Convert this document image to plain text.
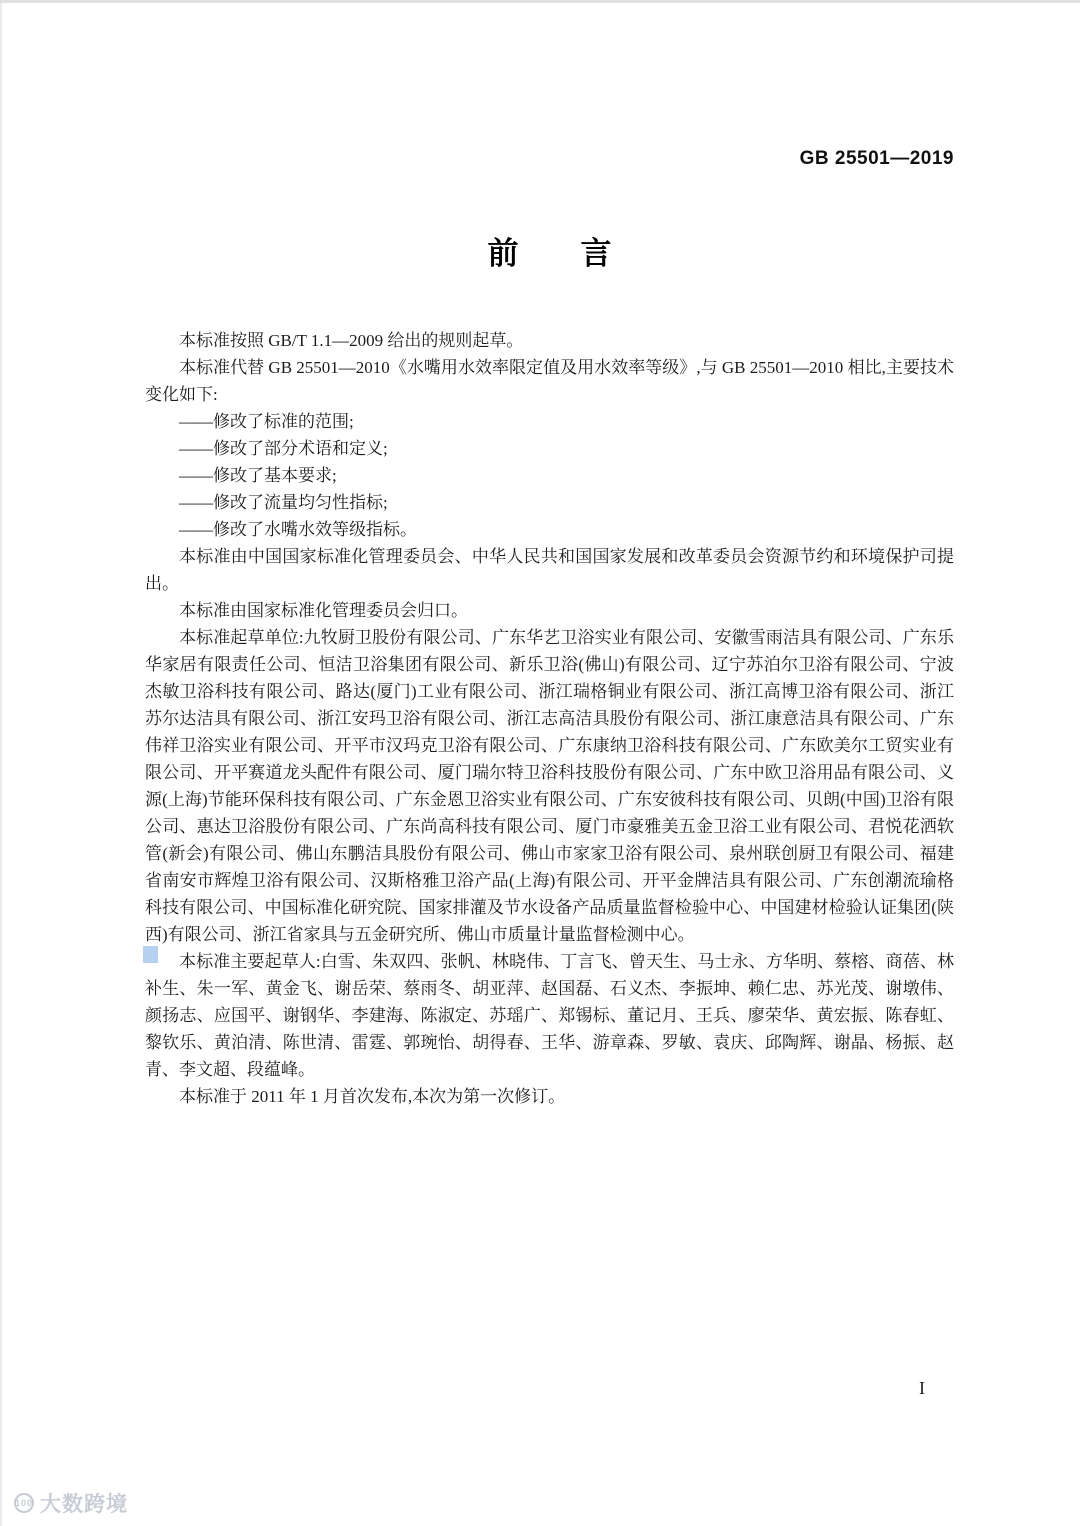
GB 25501—2019
前言

本标准按照 GB/T 1.1—2009 给出的规则起草。

本标准代替 GB 25501—2010《水嘴用水效率限定值及用水效率等级》,与 GB 25501—2010 相比,主要技术变化如下:

——修改了标准的范围;

——修改了部分术语和定义;

——修改了基本要求;

——修改了流量均匀性指标;

——修改了水嘴水效等级指标。

本标准由中国国家标准化管理委员会、中华人民共和国国家发展和改革委员会资源节约和环境保护司提出。

本标准由国家标准化管理委员会归口。

本标准起草单位:九牧厨卫股份有限公司、广东华艺卫浴实业有限公司、安徽雪雨洁具有限公司、广东乐华家居有限责任公司、恒洁卫浴集团有限公司、新乐卫浴(佛山)有限公司、辽宁苏泊尔卫浴有限公司、宁波杰敏卫浴科技有限公司、路达(厦门)工业有限公司、浙江瑞格铜业有限公司、浙江高博卫浴有限公司、浙江苏尔达洁具有限公司、浙江安玛卫浴有限公司、浙江志高洁具股份有限公司、浙江康意洁具有限公司、广东伟祥卫浴实业有限公司、开平市汉玛克卫浴有限公司、广东康纳卫浴科技有限公司、广东欧美尔工贸实业有限公司、开平赛道龙头配件有限公司、厦门瑞尔特卫浴科技股份有限公司、广东中欧卫浴用品有限公司、义源(上海)节能环保科技有限公司、广东金恩卫浴实业有限公司、广东安彼科技有限公司、贝朗(中国)卫浴有限公司、惠达卫浴股份有限公司、广东尚高科技有限公司、厦门市豪雅美五金卫浴工业有限公司、君悦花洒软管(新会)有限公司、佛山东鹏洁具股份有限公司、佛山市家家卫浴有限公司、泉州联创厨卫有限公司、福建省南安市辉煌卫浴有限公司、汉斯格雅卫浴产品(上海)有限公司、开平金牌洁具有限公司、广东创潮流瑜格科技有限公司、中国标准化研究院、国家排灌及节水设备产品质量监督检验中心、中国建材检验认证集团(陕西)有限公司、浙江省家具与五金研究所、佛山市质量计量监督检测中心。

本标准主要起草人:白雪、朱双四、张帆、林晓伟、丁言飞、曾天生、马士永、方华明、蔡榕、商蓓、林补生、朱一军、黄金飞、谢岳荣、蔡雨冬、胡亚萍、赵国磊、石义杰、李振坤、赖仁忠、苏光茂、谢墩伟、颜扬志、应国平、谢钢华、李建海、陈淑定、苏瑶广、郑锡标、董记月、王兵、廖荣华、黄宏振、陈春虹、黎钦乐、黄泊清、陈世清、雷霆、郭琬怡、胡得春、王华、游章森、罗敏、袁庆、邱陶辉、谢晶、杨振、赵青、李文超、段蕴峰。

本标准于 2011 年 1 月首次发布,本次为第一次修订。

I
100 大数跨境
